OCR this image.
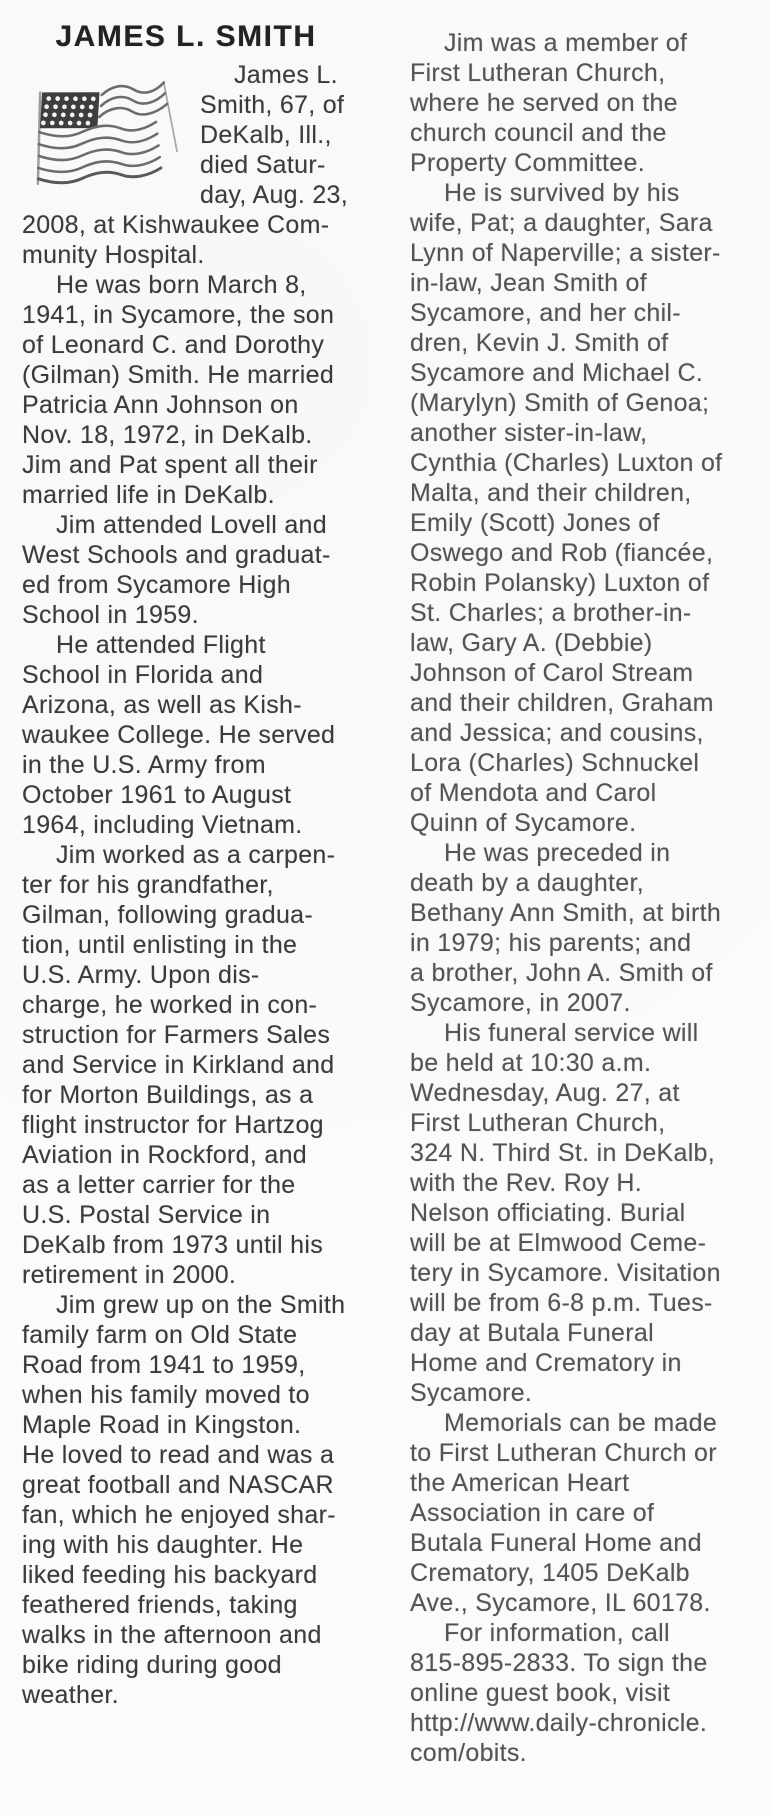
JAMES L. SMITH

James L.
Smith, 67, of
DeKalb, Ill.,
died Satur-
day, Aug. 23,
2008, at Kishwaukee Com-
munity Hospital.

He was born March 8,
1941, in Sycamore, the son
of Leonard C. and Dorothy
(Gilman) Smith. He married
Patricia Ann Johnson on
Nov. 18, 1972, in DeKalb.
Jim and Pat spent all their
married life in DeKalb.

Jim attended Lovell and
West Schools and graduat-
ed from Sycamore High
School in 1959.

He attended Flight
School in Florida and
Arizona, as well as Kish-
waukee College. He served
in the U.S. Army from
October 1961 to August
1964, including Vietnam.

Jim worked as a carpen-
ter for his grandfather,
Gilman, following gradua-
tion, until enlisting in the
U.S. Army. Upon dis-
charge, he worked in con-
struction for Farmers Sales
and Service in Kirkland and
for Morton Buildings, as a
flight instructor for Hartzog
Aviation in Rockford, and
as a letter carrier for the
U.S. Postal Service in
DeKalb from 1973 until his
retirement in 2000.

Jim grew up on the Smith
family farm on Old State
Road from 1941 to 1959,
when his family moved to
Maple Road in Kingston.
He loved to read and was a
great football and NASCAR
fan, which he enjoyed shar-
ing with his daughter. He
liked feeding his backyard
feathered friends, taking
walks in the afternoon and
bike riding during good
weather.

Jim was a member of
First Lutheran Church,
where he served on the
church council and the
Property Committee.

He is survived by his
wife, Pat; a daughter, Sara
Lynn of Naperville; a sister-
in-law, Jean Smith of
Sycamore, and her chil-
dren, Kevin J. Smith of
Sycamore and Michael C.
(Marylyn) Smith of Genoa;
another sister-in-law,
Cynthia (Charles) Luxton of
Malta, and their children,
Emily (Scott) Jones of
Oswego and Rob (fiancée,
Robin Polansky) Luxton of
St. Charles; a brother-in-
law, Gary A. (Debbie)
Johnson of Carol Stream
and their children, Graham
and Jessica; and cousins,
Lora (Charles) Schnuckel
of Mendota and Carol
Quinn of Sycamore.

He was preceded in
death by a daughter,
Bethany Ann Smith, at birth
in 1979; his parents; and
a brother, John A. Smith of
Sycamore, in 2007.

His funeral service will
be held at 10:30 a.m.
Wednesday, Aug. 27, at
First Lutheran Church,
324 N. Third St. in DeKalb,
with the Rev. Roy H.
Nelson officiating. Burial
will be at Elmwood Ceme-
tery in Sycamore. Visitation
will be from 6-8 p.m. Tues-
day at Butala Funeral
Home and Crematory in
Sycamore.

Memorials can be made
to First Lutheran Church or
the American Heart
Association in care of
Butala Funeral Home and
Crematory, 1405 DeKalb
Ave., Sycamore, IL 60178.

For information, call
815-895-2833. To sign the
online guest book, visit
http://www.daily-chronicle.
com/obits.
